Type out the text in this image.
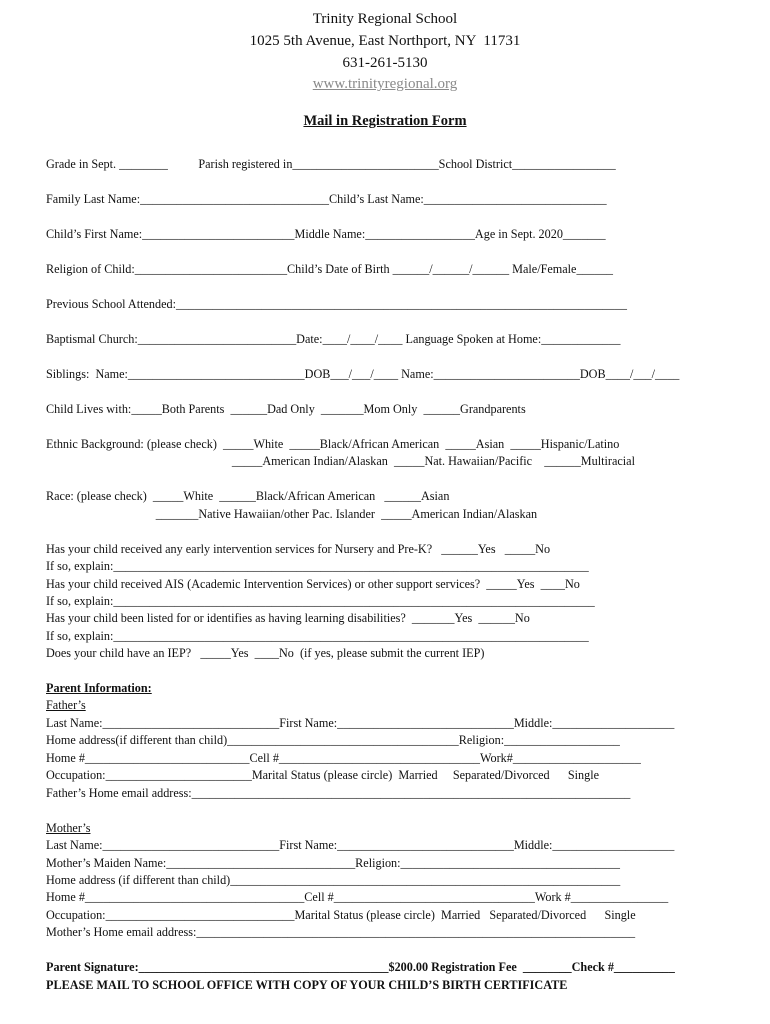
Trinity Regional School
1025 5th Avenue, East Northport, NY  11731
631-261-5130
www.trinityregional.org
Mail in Registration Form
Grade in Sept. ________          Parish registered in________________________School District_________________
Family Last Name:_______________________________Child’s Last Name:______________________________
Child’s First Name:_________________________Middle Name:__________________Age in Sept. 2020_______
Religion of Child:_________________________Child’s Date of Birth ______/______/______ Male/Female______
Previous School Attended:__________________________________________________________________________
Baptismal Church:__________________________Date:____/____/____ Language Spoken at Home:_____________
Siblings:  Name:_____________________________DOB___/___/____ Name:________________________DOB____/___/____
Child Lives with:_____Both Parents  ______Dad Only  _______Mom Only  ______Grandparents
Ethnic Background: (please check)  _____White  _____Black/African American  _____Asian  _____Hispanic/Latino
_____American Indian/Alaskan  _____Nat. Hawaiian/Pacific    ______Multiracial
Race: (please check)  _____White  ______Black/African American   ______Asian
_______Native Hawaiian/other Pac. Islander  _____American Indian/Alaskan
Has your child received any early intervention services for Nursery and Pre-K?   ______Yes   _____No
If so, explain:______________________________________________________________________________
Has your child received AIS (Academic Intervention Services) or other support services?  _____Yes  ____No
If so, explain:_______________________________________________________________________________
Has your child been listed for or identifies as having learning disabilities?  _______Yes  ______No
If so, explain:______________________________________________________________________________
Does your child have an IEP?   _____Yes  ____No  (if yes, please submit the current IEP)
Parent Information:
Father’s
Last Name:_____________________________First Name:_____________________________Middle:____________________
Home address(if different than child)______________________________________Religion:___________________
Home #___________________________Cell #_________________________________Work#_____________________
Occupation:________________________Marital Status (please circle)  Married     Separated/Divorced      Single
Father’s Home email address:________________________________________________________________________
Mother’s
Last Name:_____________________________First Name:_____________________________Middle:____________________
Mother’s Maiden Name:_______________________________Religion:____________________________________
Home address (if different than child)________________________________________________________________
Home #____________________________________Cell #_________________________________Work #________________
Occupation:_______________________________Marital Status (please circle)  Married   Separated/Divorced      Single
Mother’s Home email address:________________________________________________________________________
Parent Signature:_________________________________________$200.00 Registration Fee  ________Check #__________
PLEASE MAIL TO SCHOOL OFFICE WITH COPY OF YOUR CHILD’S BIRTH CERTIFICATE
